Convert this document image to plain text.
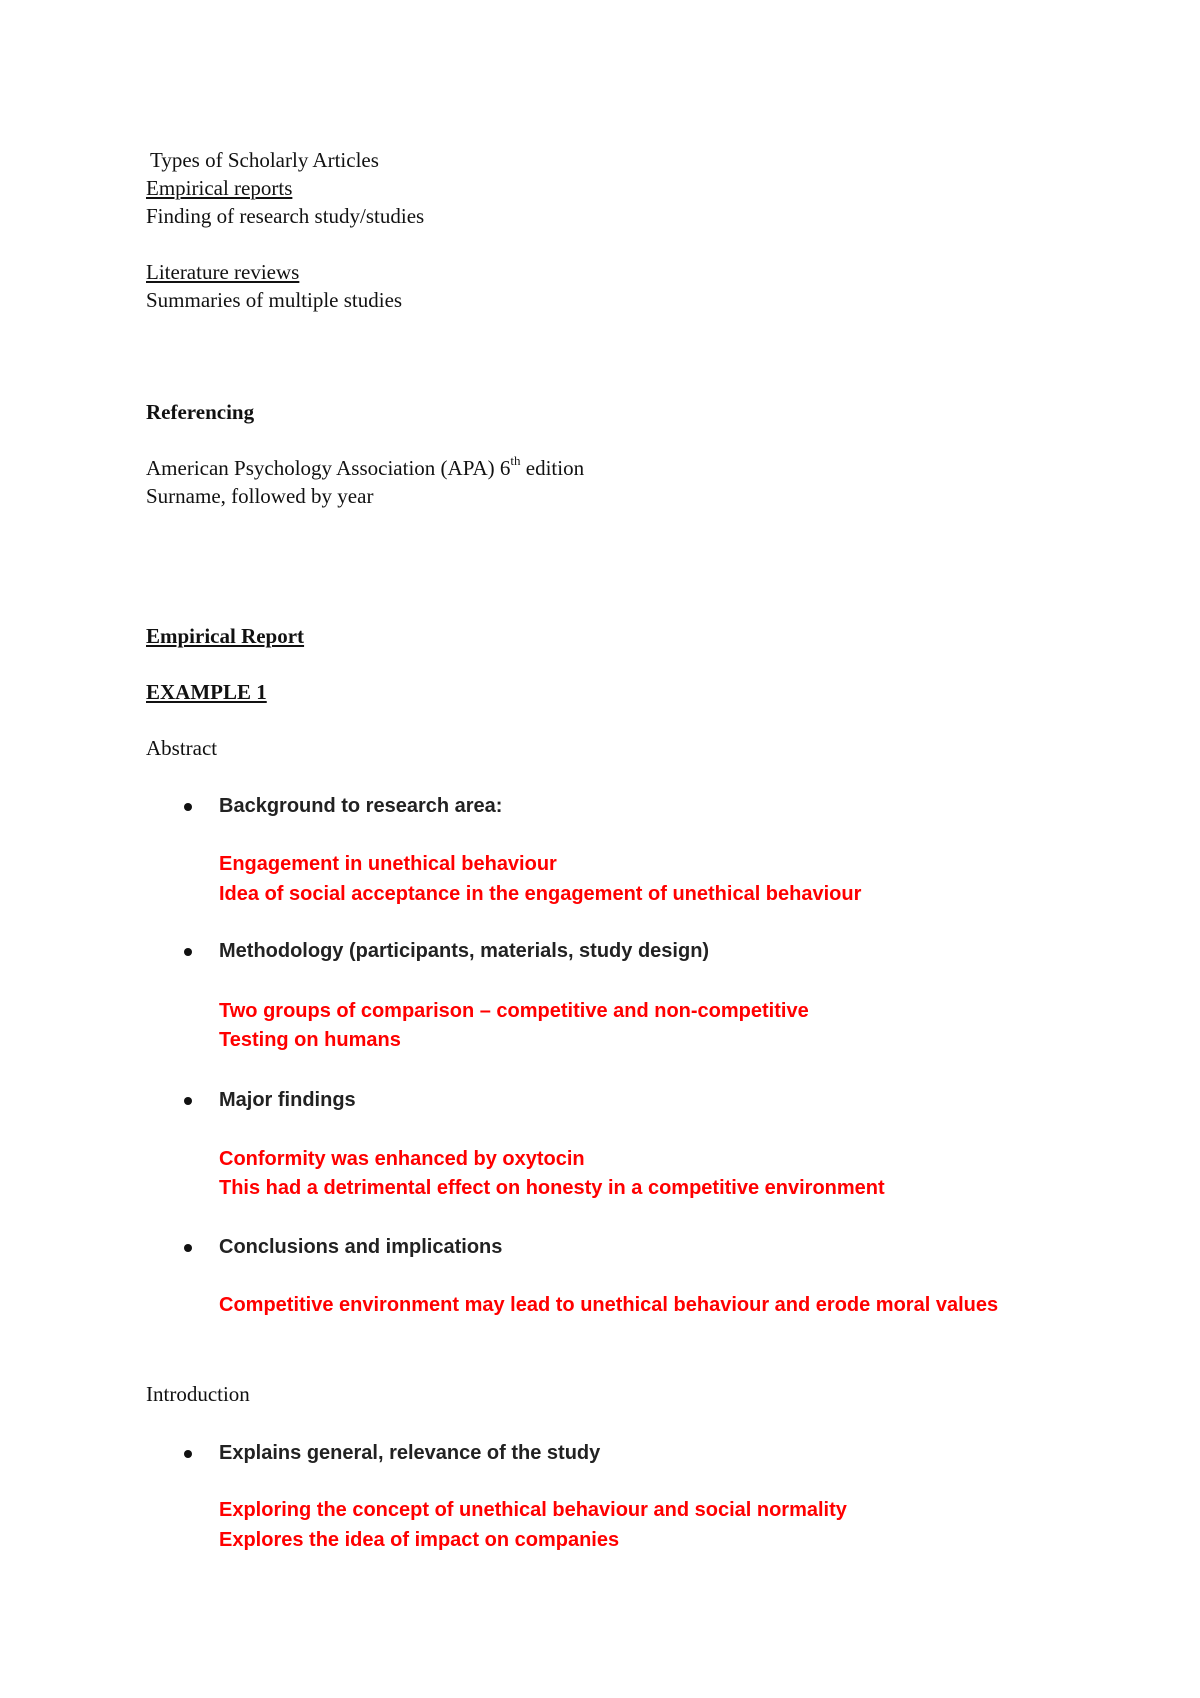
Types of Scholarly Articles
Empirical reports
Finding of research study/studies
Literature reviews
Summaries of multiple studies
Referencing
American Psychology Association (APA) 6th edition
Surname, followed by year
Empirical Report
EXAMPLE 1
Abstract
Background to research area:
Engagement in unethical behaviour
Idea of social acceptance in the engagement of unethical behaviour
Methodology (participants, materials, study design)
Two groups of comparison – competitive and non-competitive
Testing on humans
Major findings
Conformity was enhanced by oxytocin
This had a detrimental effect on honesty in a competitive environment
Conclusions and implications
Competitive environment may lead to unethical behaviour and erode moral values
Introduction
Explains general, relevance of the study
Exploring the concept of unethical behaviour and social normality
Explores the idea of impact on companies
